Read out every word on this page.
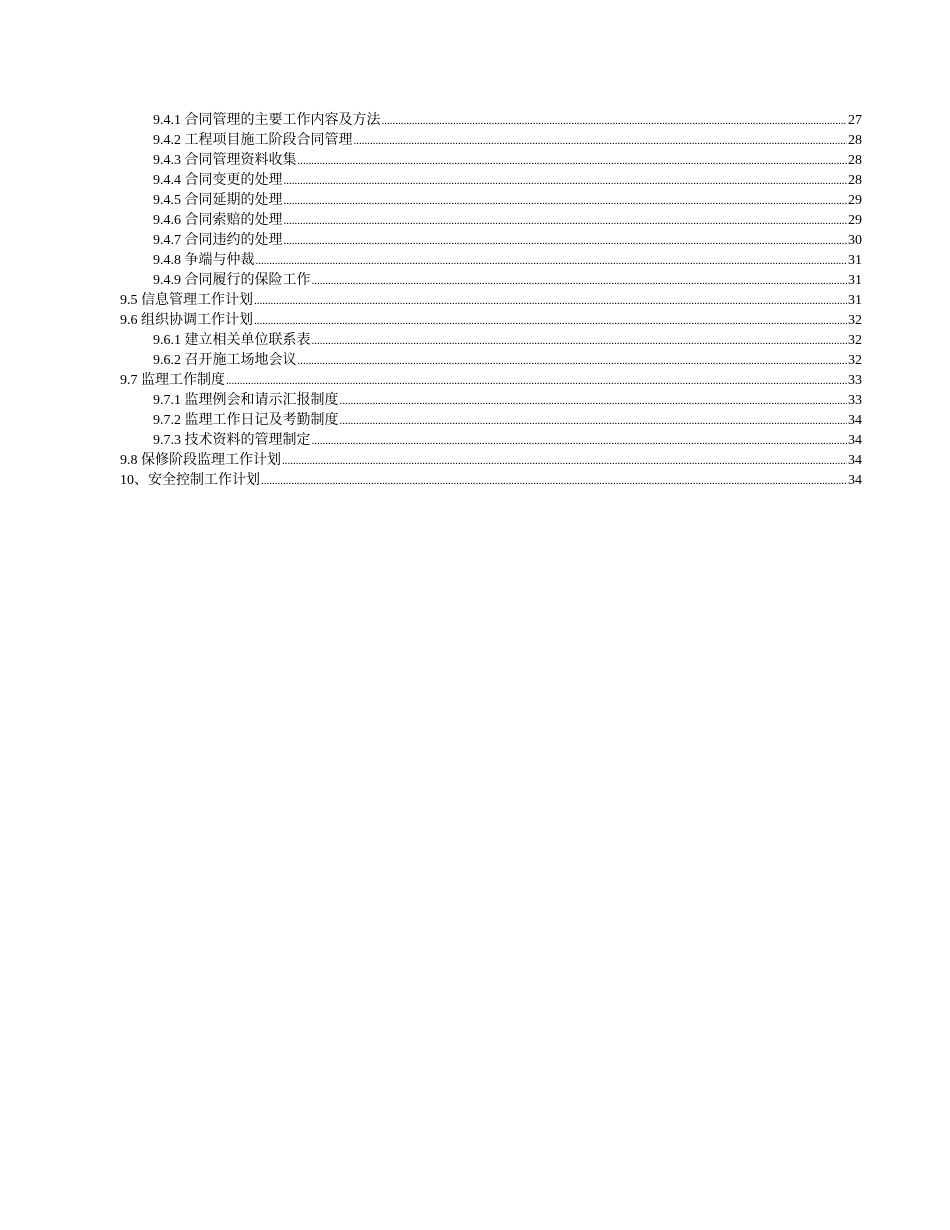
9.4.1 合同管理的主要工作内容及方法 .....	27
9.4.2 工程项目施工阶段合同管理 .....	28
9.4.3 合同管理资料收集 .....	28
9.4.4 合同变更的处理 .....	28
9.4.5 合同延期的处理 .....	29
9.4.6 合同索赔的处理 .....	29
9.4.7 合同违约的处理 .....	30
9.4.8 争端与仲裁 .....	31
9.4.9 合同履行的保险工作 .....	31
9.5 信息管理工作计划 .....	31
9.6 组织协调工作计划 .....	32
9.6.1 建立相关单位联系表 .....	32
9.6.2 召开施工场地会议 .....	32
9.7 监理工作制度 .....	33
9.7.1 监理例会和请示汇报制度 .....	33
9.7.2 监理工作日记及考勤制度 .....	34
9.7.3 技术资料的管理制定 .....	34
9.8 保修阶段监理工作计划 .....	34
10、安全控制工作计划 .....	34
